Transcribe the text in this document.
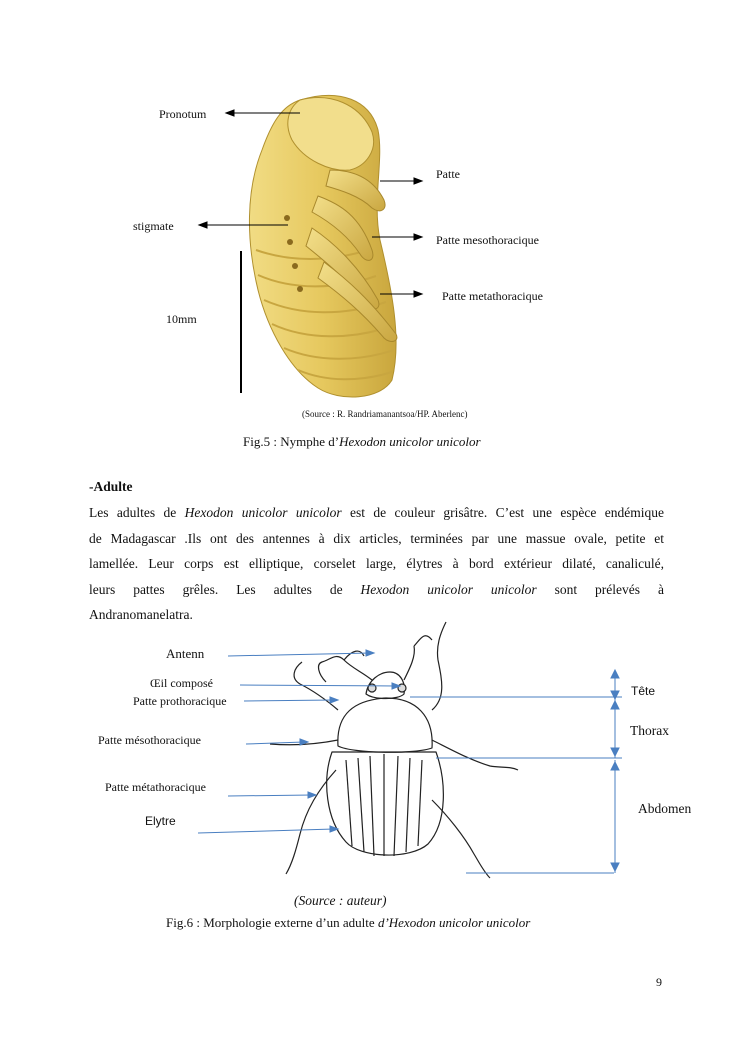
Pronotum
stigmate
Patte
Patte mesothoracique
Patte metathoracique
10mm
(Source : R. Randriamanantsoa/HP. Aberlenc)
Fig.5 : Nymphe d’Hexodon unicolor unicolor
-Adulte
Les adultes de Hexodon unicolor unicolor est de couleur grisâtre. C’est une espèce endémique
de Madagascar .Ils ont des antennes à dix articles, terminées par une massue ovale, petite et
lamellée. Leur corps est elliptique, corselet large, élytres à bord extérieur dilaté, canaliculé,
leurs pattes grêles. Les adultes de Hexodon unicolor unicolor sont prélevés à
Andranomanelatra.
Antenn
Œil composé
Patte prothoracique
Patte mésothoracique
Patte métathoracique
Elytre
Tête
Thorax
Abdomen
(Source : auteur)
Fig.6 : Morphologie externe d’un adulte d’Hexodon unicolor unicolor
9
